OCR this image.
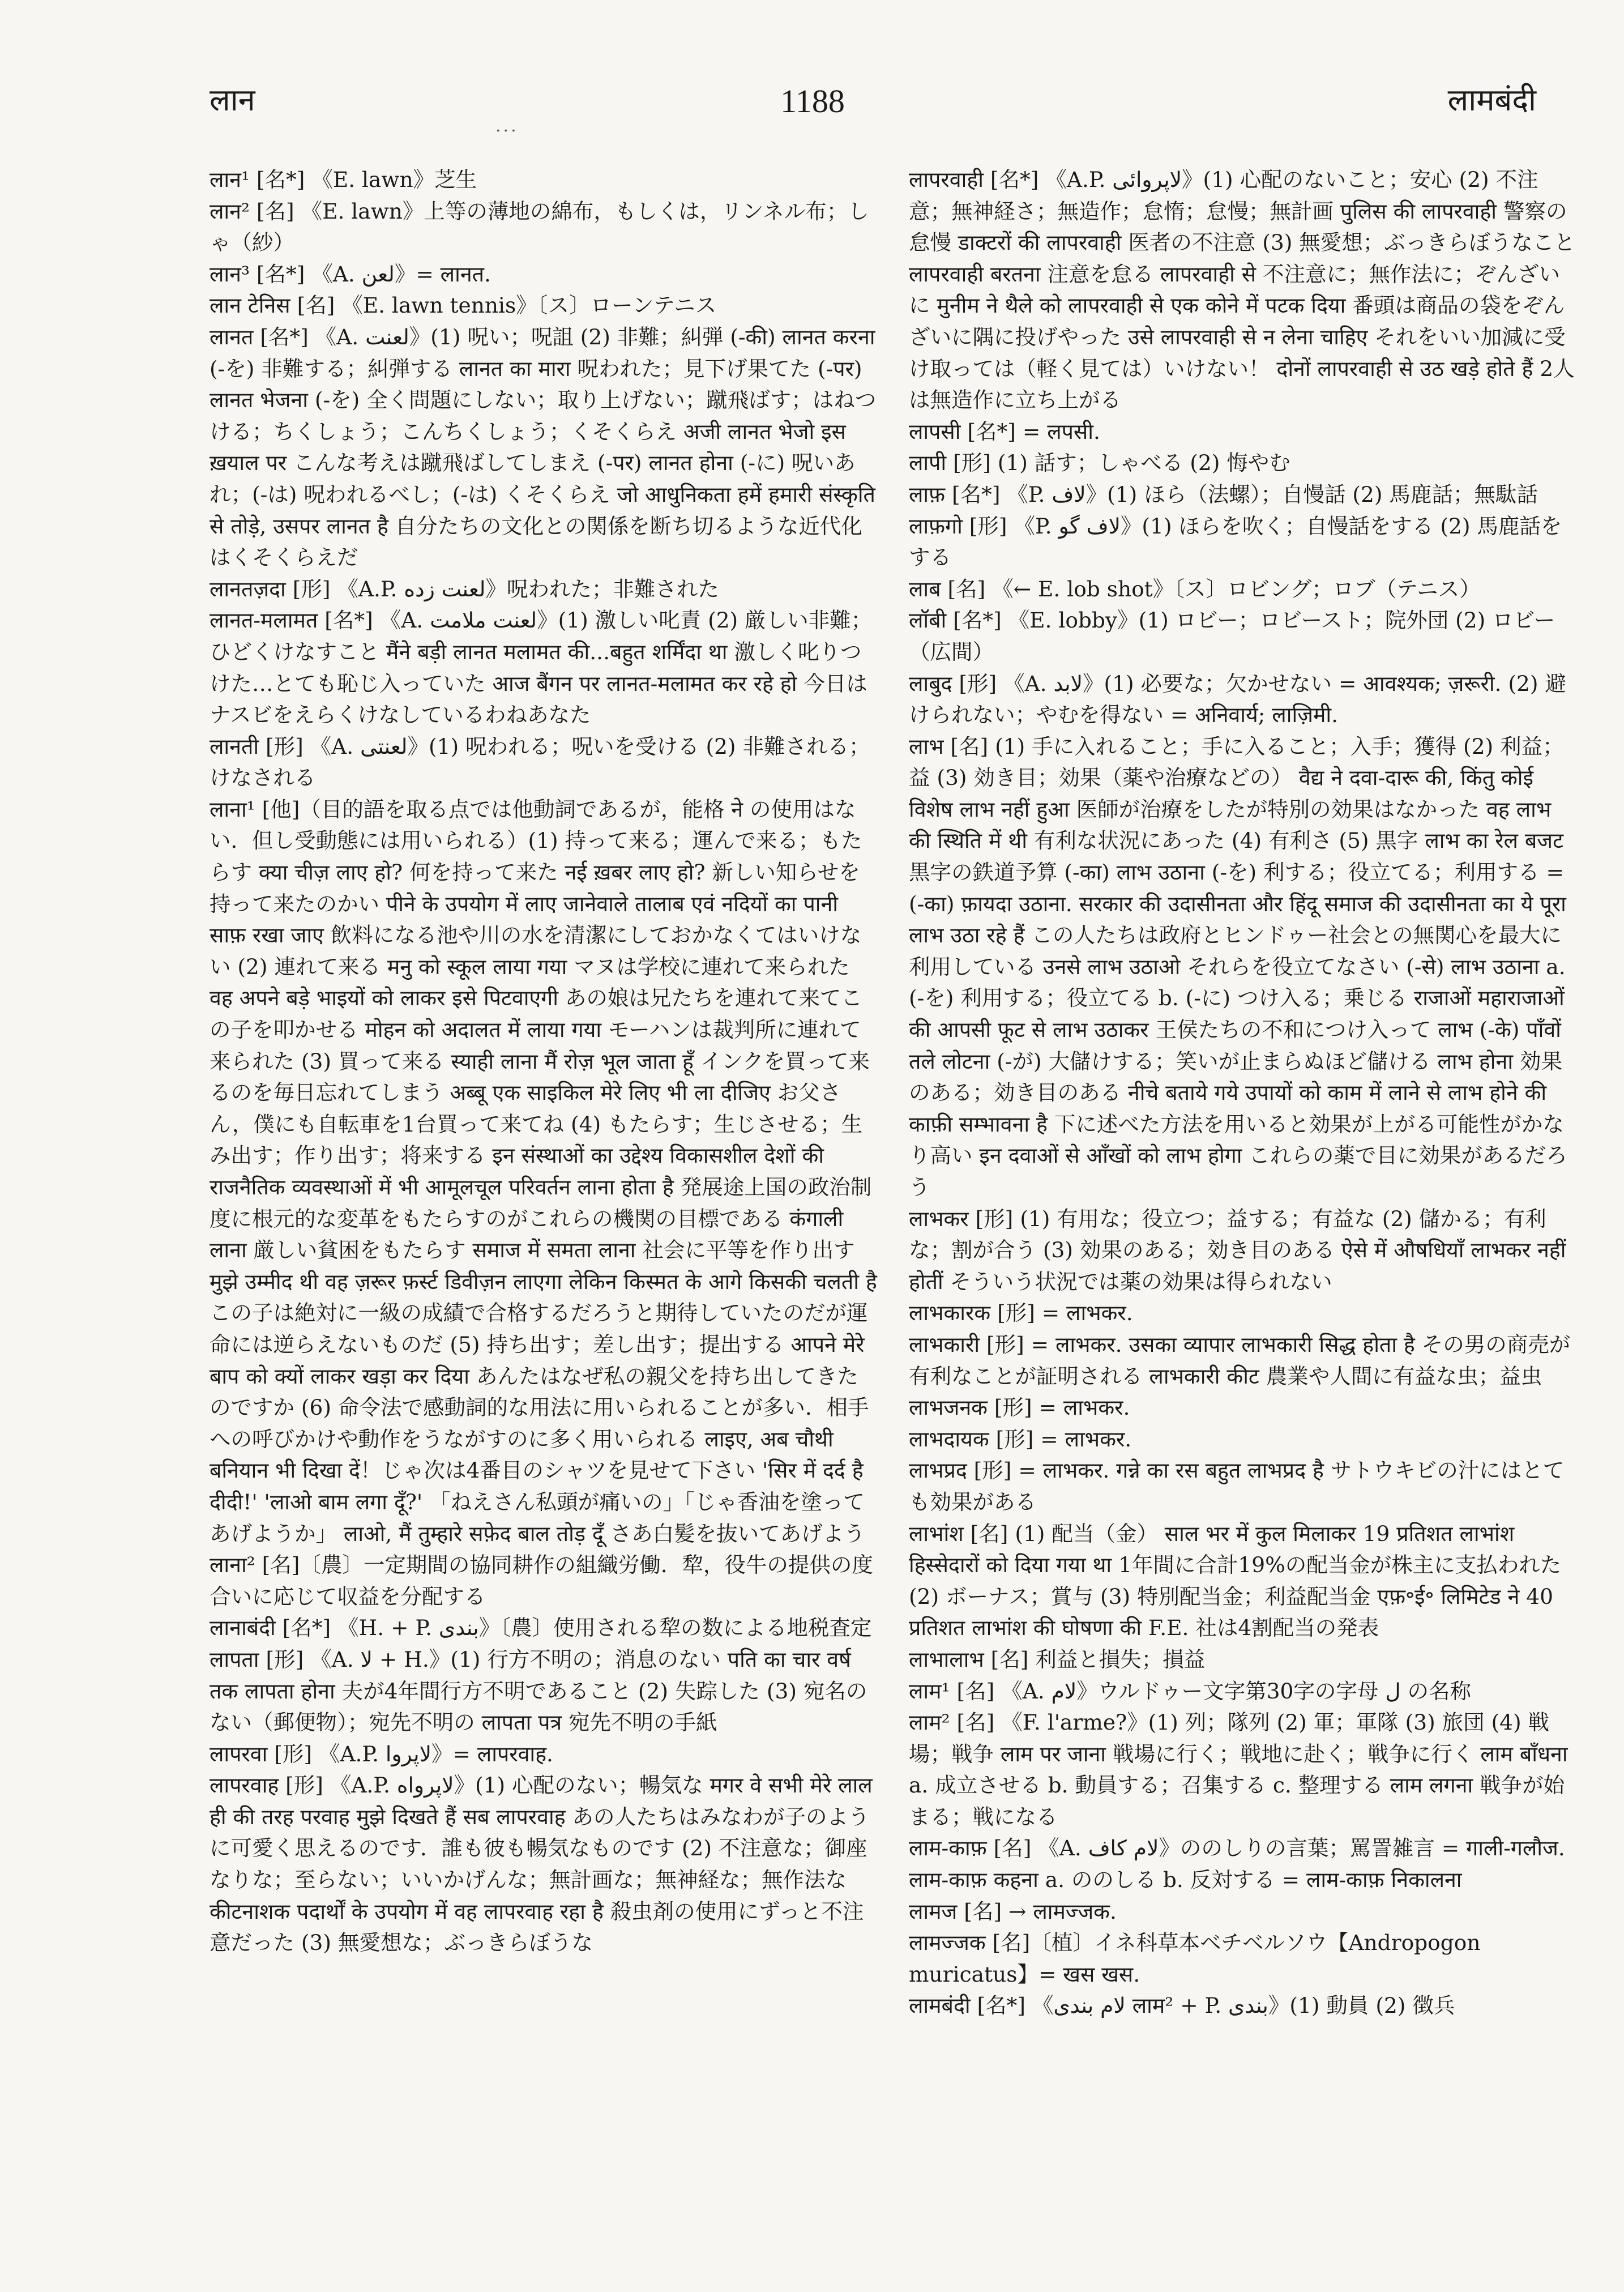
लान	1188	लामबंदी
...
लान¹ [名*] 《E. lawn》芝生
लान² [名] 《E. lawn》上等の薄地の綿布，もしくは，リンネル布；しゃ（紗）
लान³ [名*] 《A. لعن》= लानत.
लान टेनिस [名] 《E. lawn tennis》〔ス〕ローンテニス
लानत [名*] 《A. لعنت》(1) 呪い；呪詛 (2) 非難；糾弾 (-की) लानत करना (-を) 非難する；糾弾する लानत का मारा 呪われた；見下げ果てた (-पर) लानत भेजना (-を) 全く問題にしない；取り上げない；蹴飛ばす；はねつける；ちくしょう；こんちくしょう；くそくらえ अजी लानत भेजो इस ख़याल पर こんな考えは蹴飛ばしてしまえ (-पर) लानत होना (-に) 呪いあれ；(-は) 呪われるべし；(-は) くそくらえ जो आधुनिकता हमें हमारी संस्कृति से तोड़े, उसपर लानत है 自分たちの文化との関係を断ち切るような近代化はくそくらえだ
लानतज़दा [形] 《A.P. لعنت زده》呪われた；非難された
लानत-मलामत [名*] 《A. لعنت ملامت》(1) 激しい叱責 (2) 厳しい非難；ひどくけなすこと मैंने बड़ी लानत मलामत की...बहुत शर्मिंदा था 激しく叱りつけた…とても恥じ入っていた आज बैंगन पर लानत-मलामत कर रहे हो 今日はナスビをえらくけなしているわねあなた
लानती [形] 《A. لعنتی》(1) 呪われる；呪いを受ける (2) 非難される；けなされる
लाना¹ [他]（目的語を取る点では他動詞であるが，能格 ने の使用はない．但し受動態には用いられる）(1) 持って来る；運んで来る；もたらす क्या चीज़ लाए हो? 何を持って来た नई ख़बर लाए हो? 新しい知らせを持って来たのかい पीने के उपयोग में लाए जानेवाले तालाब एवं नदियों का पानी साफ़ रखा जाए 飲料になる池や川の水を清潔にしておかなくてはいけない (2) 連れて来る मनु को स्कूल लाया गया マヌは学校に連れて来られた वह अपने बड़े भाइयों को लाकर इसे पिटवाएगी あの娘は兄たちを連れて来てこの子を叩かせる मोहन को अदालत में लाया गया モーハンは裁判所に連れて来られた (3) 買って来る स्याही लाना मैं रोज़ भूल जाता हूँ インクを買って来るのを毎日忘れてしまう अब्बू एक साइकिल मेरे लिए भी ला दीजिए お父さん，僕にも自転車を1台買って来てね (4) もたらす；生じさせる；生み出す；作り出す；将来する इन संस्थाओं का उद्देश्य विकासशील देशों की राजनैतिक व्यवस्थाओं में भी आमूलचूल परिवर्तन लाना होता है 発展途上国の政治制度に根元的な変革をもたらすのがこれらの機関の目標である कंगाली लाना 厳しい貧困をもたらす समाज में समता लाना 社会に平等を作り出す मुझे उम्मीद थी वह ज़रूर फ़र्स्ट डिवीज़न लाएगा लेकिन किस्मत के आगे किसकी चलती है この子は絶対に一級の成績で合格するだろうと期待していたのだが運命には逆らえないものだ (5) 持ち出す；差し出す；提出する आपने मेरे बाप को क्यों लाकर खड़ा कर दिया あんたはなぜ私の親父を持ち出してきたのですか (6) 命令法で感動詞的な用法に用いられることが多い．相手への呼びかけや動作をうながすのに多く用いられる लाइए, अब चौथी बनियान भी दिखा दें！じゃ次は4番目のシャツを見せて下さい 'सिर में दर्द है दीदी!' 'लाओ बाम लगा दूँ?' 「ねえさん私頭が痛いの」「じゃ香油を塗ってあげようか」 लाओ, मैं तुम्हारे सफ़ेद बाल तोड़ दूँ さあ白髪を抜いてあげよう
लाना² [名]〔農〕一定期間の協同耕作の組織労働．犂，役牛の提供の度合いに応じて収益を分配する
लानाबंदी [名*] 《H. + P. بندی》〔農〕使用される犂の数による地税査定
लापता [形] 《A. لا + H.》(1) 行方不明の；消息のない पति का चार वर्ष तक लापता होना 夫が4年間行方不明であること (2) 失踪した (3) 宛名のない（郵便物）；宛先不明の लापता पत्र 宛先不明の手紙
लापरवा [形] 《A.P. لاپروا》= लापरवाह.
लापरवाह [形] 《A.P. لاپرواه》(1) 心配のない；暢気な मगर वे सभी मेरे लाल ही की तरह परवाह मुझे दिखते हैं सब लापरवाह あの人たちはみなわが子のように可愛く思えるのです．誰も彼も暢気なものです (2) 不注意な；御座なりな；至らない；いいかげんな；無計画な；無神経な；無作法な कीटनाशक पदार्थों के उपयोग में वह लापरवाह रहा है 殺虫剤の使用にずっと不注意だった (3) 無愛想な；ぶっきらぼうな
लापरवाही [名*] 《A.P. لاپروائی》(1) 心配のないこと；安心 (2) 不注意；無神経さ；無造作；怠惰；怠慢；無計画 पुलिस की लापरवाही 警察の怠慢 डाक्टरों की लापरवाही 医者の不注意 (3) 無愛想；ぶっきらぼうなこと लापरवाही बरतना 注意を怠る लापरवाही से 不注意に；無作法に；ぞんざいに मुनीम ने थैले को लापरवाही से एक कोने में पटक दिया 番頭は商品の袋をぞんざいに隅に投げやった उसे लापरवाही से न लेना चाहिए それをいい加減に受け取っては（軽く見ては）いけない！ दोनों लापरवाही से उठ खड़े होते हैं 2人は無造作に立ち上がる
लापसी [名*] = लपसी.
लापी [形] (1) 話す；しゃべる (2) 悔やむ
लाफ़ [名*] 《P. لاف》(1) ほら（法螺）；自慢話 (2) 馬鹿話；無駄話
लाफ़गो [形] 《P. لاف گو》(1) ほらを吹く；自慢話をする (2) 馬鹿話をする
लाब [名] 《← E. lob shot》〔ス〕ロビング；ロブ（テニス）
लॉबी [名*] 《E. lobby》(1) ロビー；ロビースト；院外団 (2) ロビー（広間）
लाबुद [形] 《A. لابد》(1) 必要な；欠かせない = आवश्यक; ज़रूरी. (2) 避けられない；やむを得ない = अनिवार्य; लाज़िमी.
लाभ [名] (1) 手に入れること；手に入ること；入手；獲得 (2) 利益；益 (3) 効き目；効果（薬や治療などの） वैद्य ने दवा-दारू की, किंतु कोई विशेष लाभ नहीं हुआ 医師が治療をしたが特別の効果はなかった वह लाभ की स्थिति में थी 有利な状況にあった (4) 有利さ (5) 黒字 लाभ का रेल बजट 黒字の鉄道予算 (-का) लाभ उठाना (-を) 利する；役立てる；利用する = (-का) फ़ायदा उठाना. सरकार की उदासीनता और हिंदू समाज की उदासीनता का ये पूरा लाभ उठा रहे हैं この人たちは政府とヒンドゥー社会との無関心を最大に利用している उनसे लाभ उठाओ それらを役立てなさい (-से) लाभ उठाना a. (-を) 利用する；役立てる b. (-に) つけ入る；乗じる राजाओं महाराजाओं की आपसी फूट से लाभ उठाकर 王侯たちの不和につけ入って लाभ (-के) पाँवों तले लोटना (-が) 大儲けする；笑いが止まらぬほど儲ける लाभ होना 効果のある；効き目のある नीचे बताये गये उपायों को काम में लाने से लाभ होने की काफ़ी सम्भावना है 下に述べた方法を用いると効果が上がる可能性がかなり高い इन दवाओं से आँखों को लाभ होगा これらの薬で目に効果があるだろう
लाभकर [形] (1) 有用な；役立つ；益する；有益な (2) 儲かる；有利な；割が合う (3) 効果のある；効き目のある ऐसे में औषधियाँ लाभकर नहीं होतीं そういう状況では薬の効果は得られない
लाभकारक [形] = लाभकर.
लाभकारी [形] = लाभकर. उसका व्यापार लाभकारी सिद्ध होता है その男の商売が有利なことが証明される लाभकारी कीट 農業や人間に有益な虫；益虫
लाभजनक [形] = लाभकर.
लाभदायक [形] = लाभकर.
लाभप्रद [形] = लाभकर. गन्ने का रस बहुत लाभप्रद है サトウキビの汁にはとても効果がある
लाभांश [名] (1) 配当（金） साल भर में कुल मिलाकर 19 प्रतिशत लाभांश हिस्सेदारों को दिया गया था 1年間に合計19%の配当金が株主に支払われた (2) ボーナス；賞与 (3) 特別配当金；利益配当金 एफ़॰ई॰ लिमिटेड ने 40 प्रतिशत लाभांश की घोषणा की F.E. 社は4割配当の発表
लाभालाभ [名] 利益と損失；損益
लाम¹ [名] 《A. لام》ウルドゥー文字第30字の字母 ل の名称
लाम² [名] 《F. l'arme?》(1) 列；隊列 (2) 軍；軍隊 (3) 旅団 (4) 戦場；戦争 लाम पर जाना 戦場に行く；戦地に赴く；戦争に行く लाम बाँधना a. 成立させる b. 動員する；召集する c. 整理する लाम लगना 戦争が始まる；戦になる
लाम-काफ़ [名] 《A. لام کاف》ののしりの言葉；罵詈雑言 = गाली-गलौज. लाम-काफ़ कहना a. ののしる b. 反対する = लाम-काफ़ निकालना
लामज [名] → लामज्जक.
लामज्जक [名]〔植〕イネ科草本ベチベルソウ【Andropogon muricatus】= खस खस.
लामबंदी [名*] 《لام بندی लाम² + P. بندی》(1) 動員 (2) 徴兵
